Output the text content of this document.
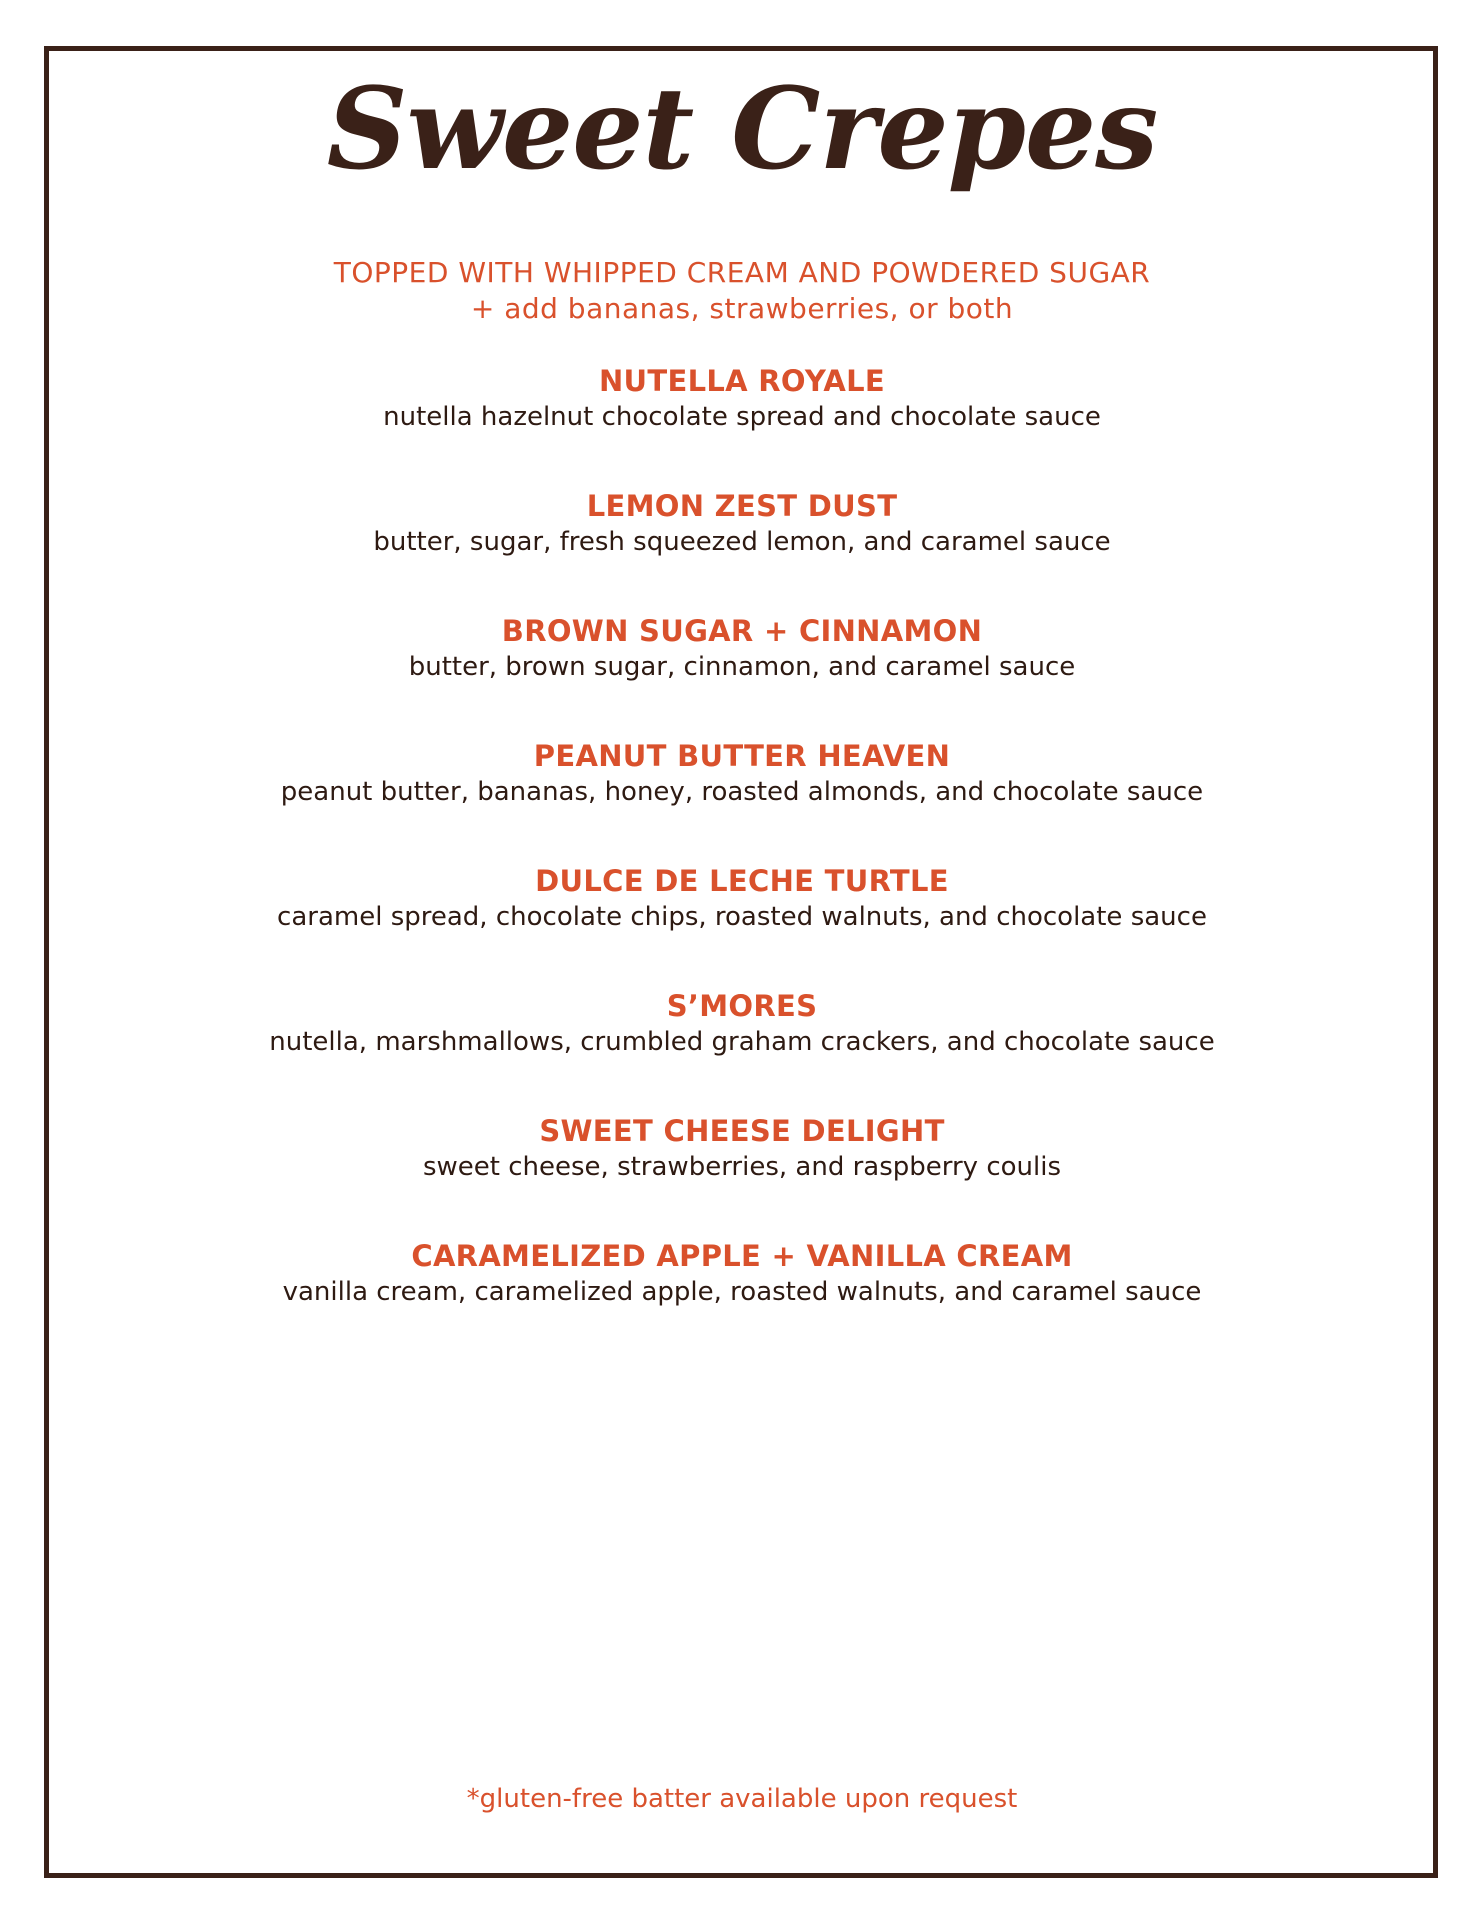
Sweet Crepes
TOPPED WITH WHIPPED CREAM AND POWDERED SUGAR
+ add bananas, strawberries, or both
NUTELLA ROYALE
nutella hazelnut chocolate spread and chocolate sauce
LEMON ZEST DUST
butter, sugar, fresh squeezed lemon, and caramel sauce
BROWN SUGAR + CINNAMON
butter, brown sugar, cinnamon, and caramel sauce
PEANUT BUTTER HEAVEN
peanut butter, bananas, honey, roasted almonds, and chocolate sauce
DULCE DE LECHE TURTLE
caramel spread, chocolate chips, roasted walnuts, and chocolate sauce
S’MORES
nutella, marshmallows, crumbled graham crackers, and chocolate sauce
SWEET CHEESE DELIGHT
sweet cheese, strawberries, and raspberry coulis
CARAMELIZED APPLE + VANILLA CREAM
vanilla cream, caramelized apple, roasted walnuts, and caramel sauce
*gluten-free batter available upon request
